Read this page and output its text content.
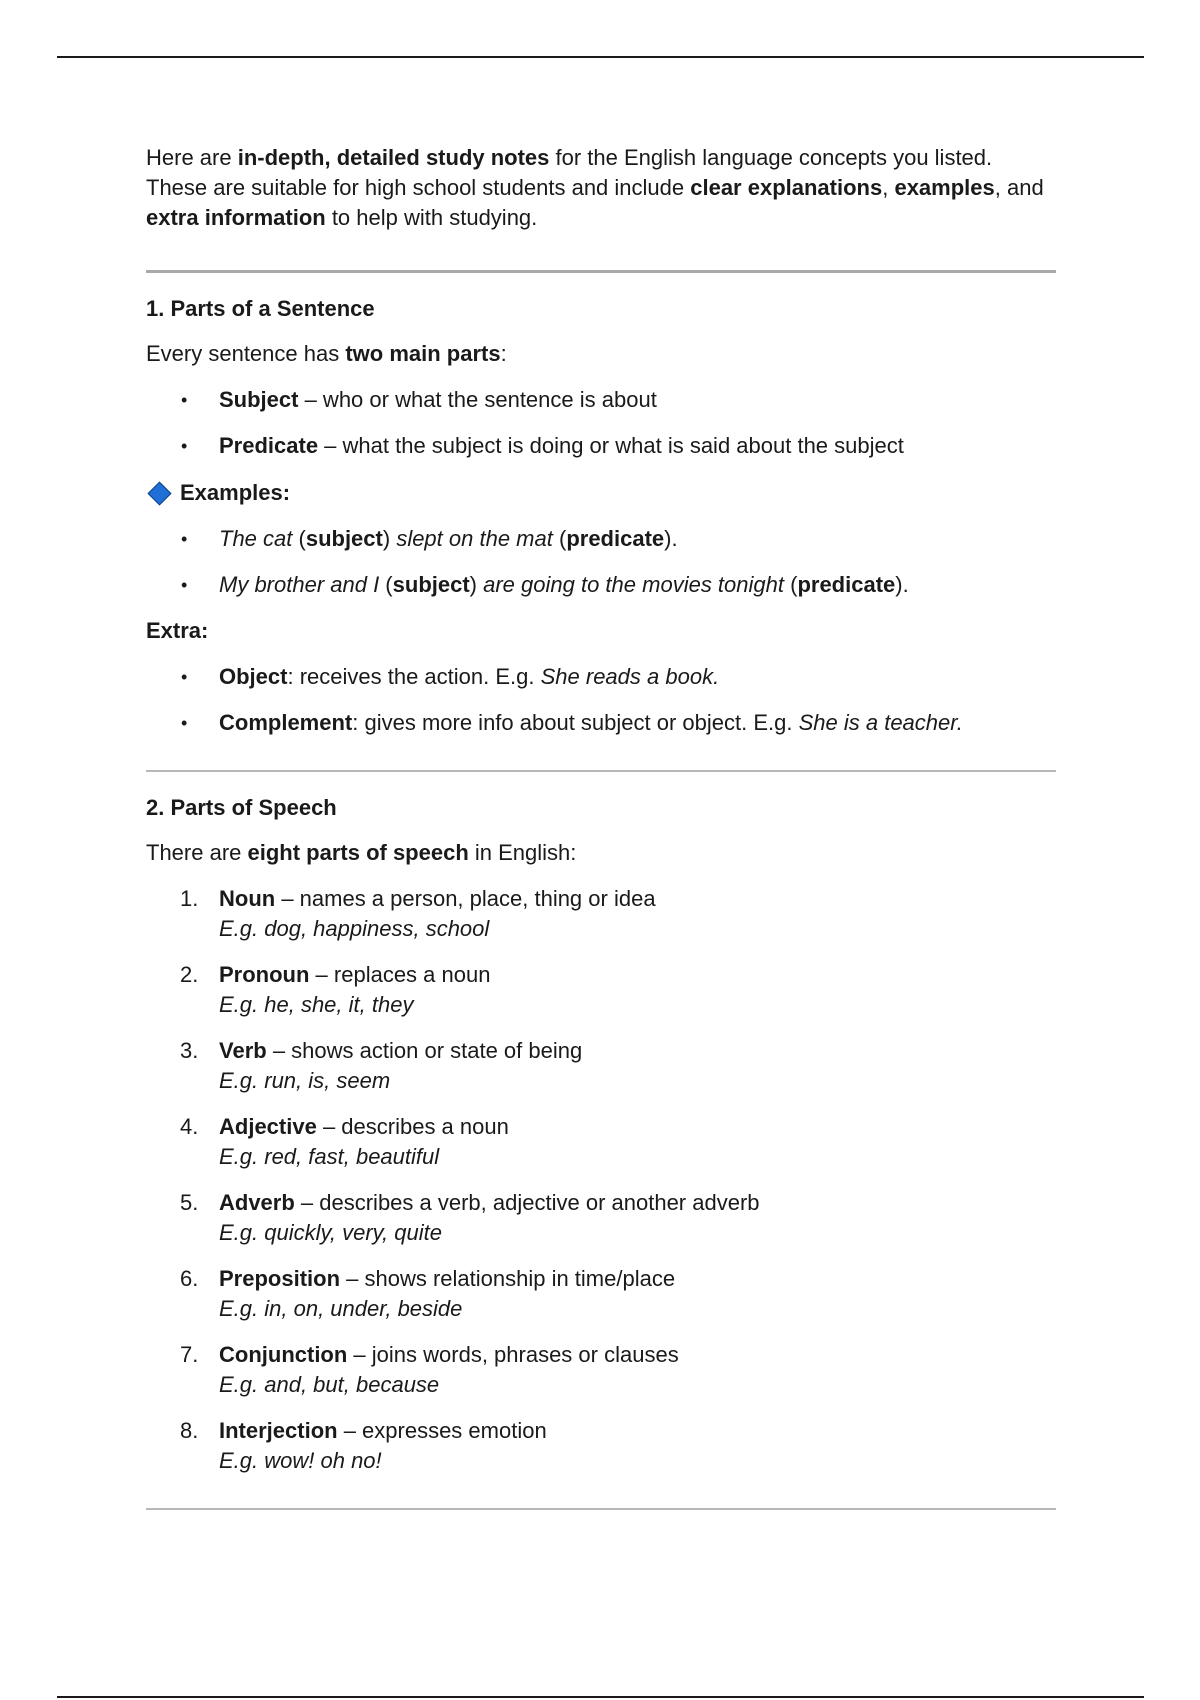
Here are in-depth, detailed study notes for the English language concepts you listed. These are suitable for high school students and include clear explanations, examples, and extra information to help with studying.

1. Parts of a Sentence

Every sentence has two main parts:

• Subject – who or what the sentence is about
• Predicate – what the subject is doing or what is said about the subject
Examples:
• The cat (subject) slept on the mat (predicate).
• My brother and I (subject) are going to the movies tonight (predicate).
Extra:
• Object: receives the action. E.g. She reads a book.
• Complement: gives more info about subject or object. E.g. She is a teacher.
2. Parts of Speech

There are eight parts of speech in English:

1. Noun – names a person, place, thing or idea
E.g. dog, happiness, school
2. Pronoun – replaces a noun
E.g. he, she, it, they
3. Verb – shows action or state of being
E.g. run, is, seem
4. Adjective – describes a noun
E.g. red, fast, beautiful
5. Adverb – describes a verb, adjective or another adverb
E.g. quickly, very, quite
6. Preposition – shows relationship in time/place
E.g. in, on, under, beside
7. Conjunction – joins words, phrases or clauses
E.g. and, but, because
8. Interjection – expresses emotion
E.g. wow! oh no!
